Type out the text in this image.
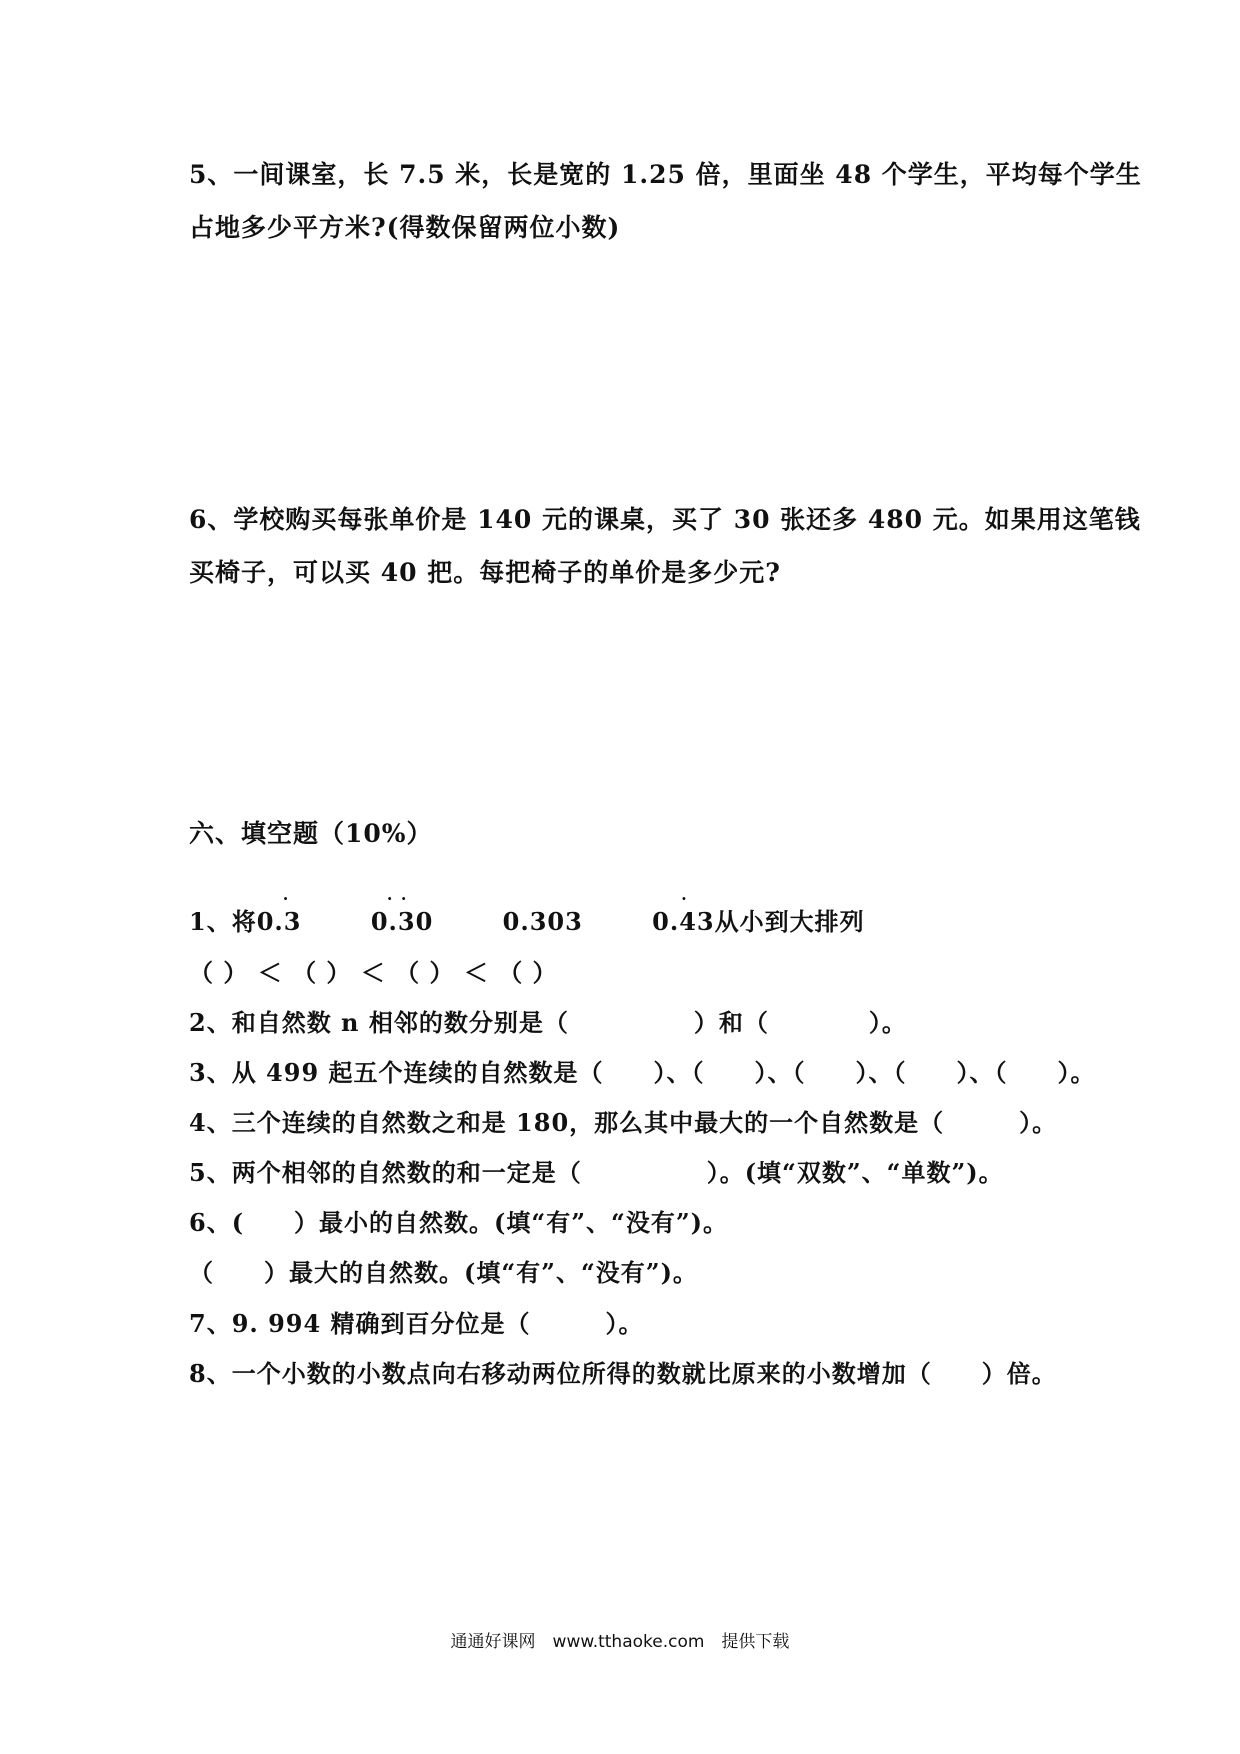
5、一间课室，长 7.5 米，长是宽的 1.25 倍，里面坐 48 个学生，平均每个学生
占地多少平方米?(得数保留两位小数)
6、学校购买每张单价是 140 元的课桌，买了 30 张还多 480 元。如果用这笔钱
买椅子，可以买 40 把。每把椅子的单价是多少元?
六、填空题（10%）
1、将0.3
·
0.30
· ·
0.303	0.43
·
从小到大排列
（ ） ＜ （ ） ＜ （ ） ＜ （ ）
2、和自然数 n 相邻的数分别是（　　　　　）和（　　　　）。
3、从 499 起五个连续的自然数是（　　）、（　　）、（　　）、（　　）、（　　）。
4、三个连续的自然数之和是 180，那么其中最大的一个自然数是（　　　）。
5、两个相邻的自然数的和一定是（　　　　　）。(填“双数”、“单数”)。
6、(　　）最小的自然数。(填“有”、“没有”)。
（　　）最大的自然数。(填“有”、“没有”)。
7、9. 994 精确到百分位是（　　　）。
8、一个小数的小数点向右移动两位所得的数就比原来的小数增加（　　）倍。
通通好课网　www.tthaoke.com　提供下载
